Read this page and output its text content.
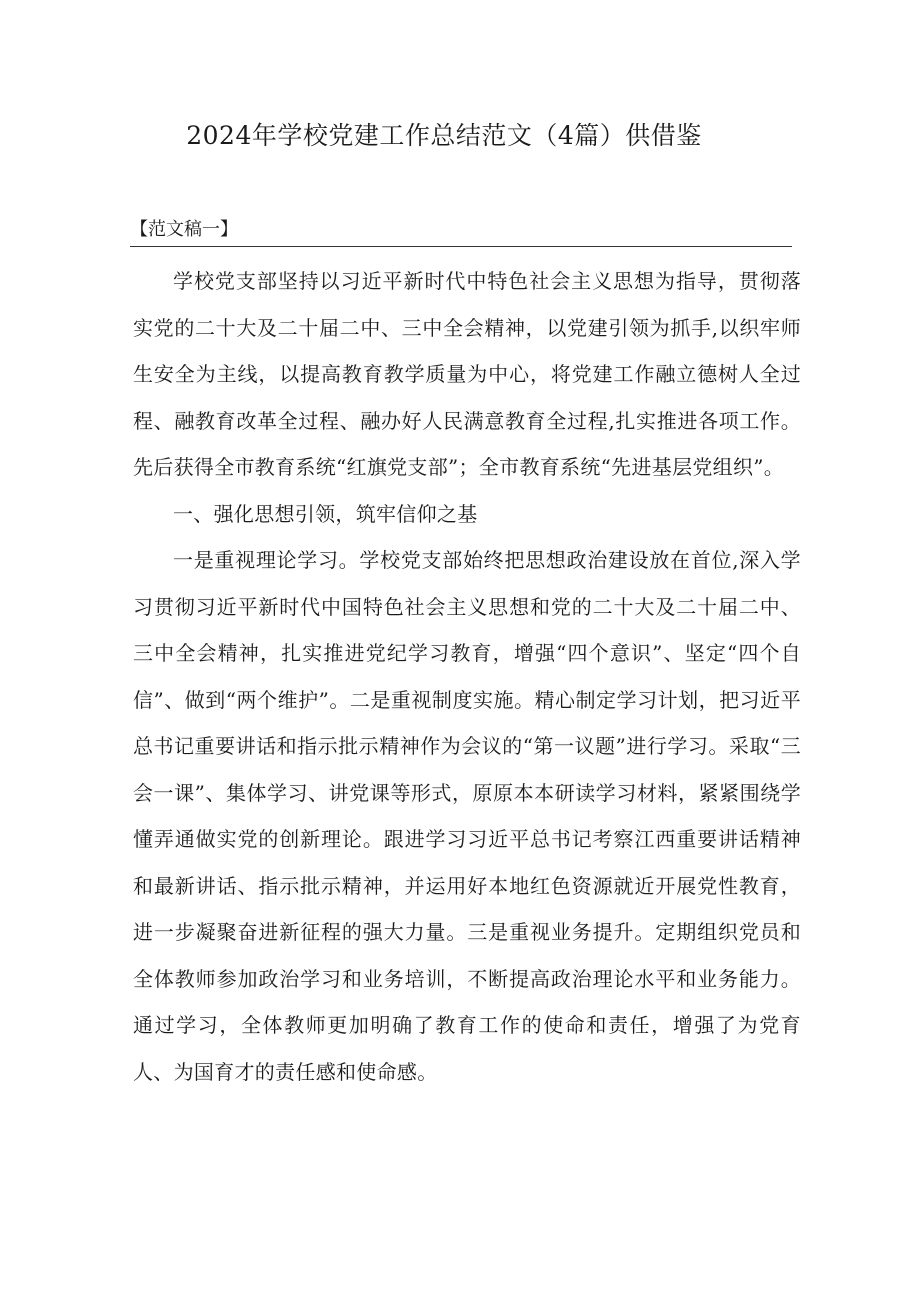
2024年学校党建工作总结范文（4篇）供借鉴
【范文稿一】

学校党支部坚持以习近平新时代中特色社会主义思想为指导，贯彻落实党的二十大及二十届二中、三中全会精神，以党建引领为抓手,以织牢师生安全为主线，以提高教育教学质量为中心，将党建工作融立德树人全过程、融教育改革全过程、融办好人民满意教育全过程,扎实推进各项工作。先后获得全市教育系统“红旗党支部”；全市教育系统“先进基层党组织”。

一、强化思想引领，筑牢信仰之基

一是重视理论学习。学校党支部始终把思想政治建设放在首位,深入学习贯彻习近平新时代中国特色社会主义思想和党的二十大及二十届二中、三中全会精神，扎实推进党纪学习教育，增强“四个意识”、坚定“四个自信”、做到“两个维护”。二是重视制度实施。精心制定学习计划，把习近平总书记重要讲话和指示批示精神作为会议的“第一议题”进行学习。采取“三会一课”、集体学习、讲党课等形式，原原本本研读学习材料，紧紧围绕学懂弄通做实党的创新理论。跟进学习习近平总书记考察江西重要讲话精神和最新讲话、指示批示精神，并运用好本地红色资源就近开展党性教育，进一步凝聚奋进新征程的强大力量。三是重视业务提升。定期组织党员和全体教师参加政治学习和业务培训，不断提高政治理论水平和业务能力。通过学习，全体教师更加明确了教育工作的使命和责任，增强了为党育人、为国育才的责任感和使命感。
